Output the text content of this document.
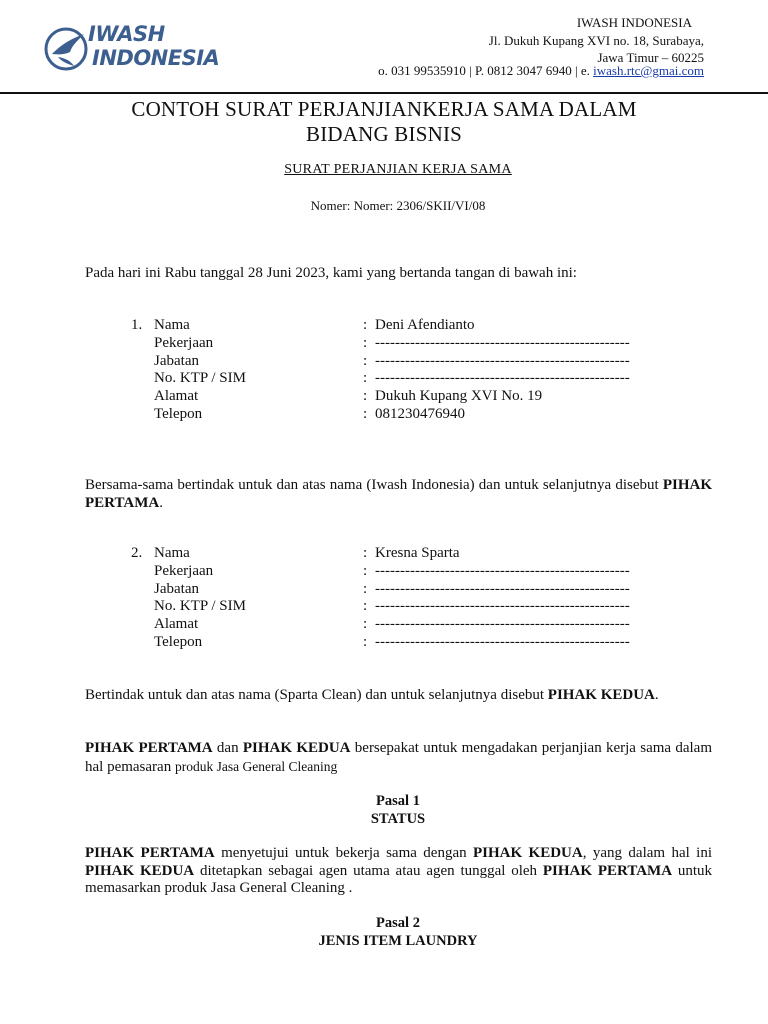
IWASH
INDONESIA
IWASH INDONESIA
Jl. Dukuh Kupang XVI no. 18, Surabaya,
Jawa Timur – 60225
o. 031 99535910 | P. 0812 3047 6940 | e. iwash.rtc@gmai.com
CONTOH SURAT PERJANJIANKERJA SAMA DALAM
BIDANG BISNIS
SURAT PERJANJIAN KERJA SAMA
Nomer: Nomer: 2306/SKII/VI/08
Pada hari ini Rabu tanggal 28 Juni 2023, kami yang bertanda tangan di bawah ini:
1. Nama	: Deni Afendianto
Pekerjaan	: ---------------------------------------------------
Jabatan	: ---------------------------------------------------
No. KTP / SIM	: ---------------------------------------------------
Alamat	: Dukuh Kupang XVI No. 19
Telepon	: 081230476940
Bersama-sama bertindak untuk dan atas nama (Iwash Indonesia) dan untuk selanjutnya disebut PIHAK PERTAMA.
2. Nama	: Kresna Sparta
Pekerjaan	: ---------------------------------------------------
Jabatan	: ---------------------------------------------------
No. KTP / SIM	: ---------------------------------------------------
Alamat	: ---------------------------------------------------
Telepon	: ---------------------------------------------------
Bertindak untuk dan atas nama (Sparta Clean) dan untuk selanjutnya disebut PIHAK KEDUA.
PIHAK PERTAMA dan PIHAK KEDUA bersepakat untuk mengadakan perjanjian kerja sama dalam hal pemasaran produk Jasa General Cleaning
Pasal 1
STATUS
PIHAK PERTAMA menyetujui untuk bekerja sama dengan PIHAK KEDUA, yang dalam hal ini PIHAK KEDUA ditetapkan sebagai agen utama atau agen tunggal oleh PIHAK PERTAMA untuk memasarkan produk Jasa General Cleaning .
Pasal 2
JENIS ITEM LAUNDRY
